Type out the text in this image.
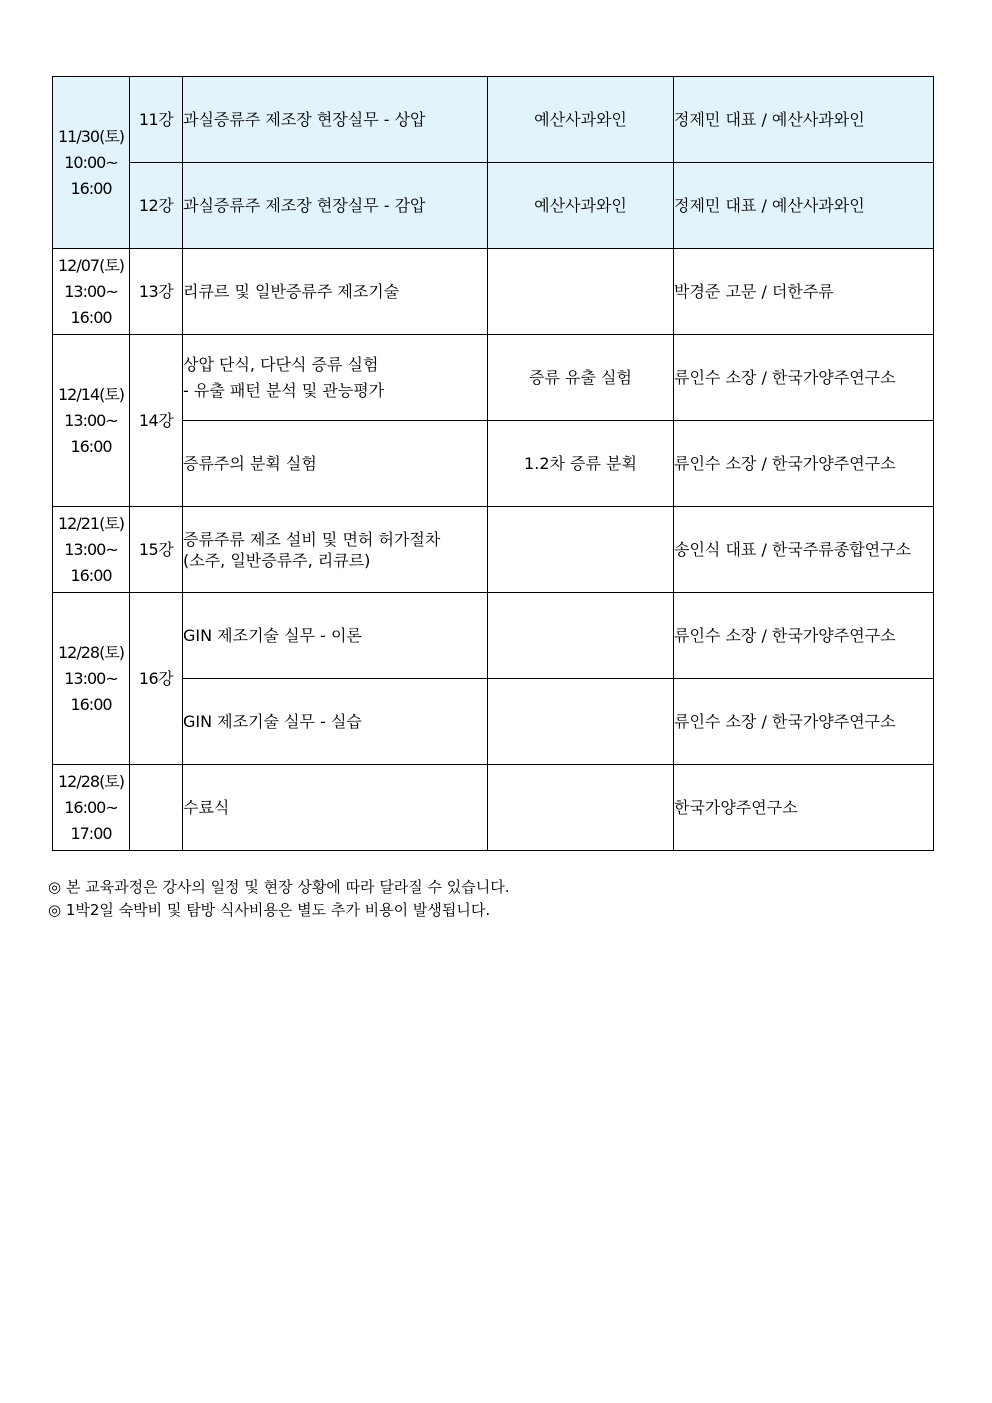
11/30(토)
10:00~
16:00	11강	과실증류주 제조장 현장실무 - 상압	예산사과와인	정제민 대표 / 예산사과와인
	12강	과실증류주 제조장 현장실무 - 감압	예산사과와인	정제민 대표 / 예산사과와인

12/07(토)
13:00~
16:00	13강	리큐르 및 일반증류주 제조기술		박경준 고문 / 더한주류

12/14(토)
13:00~
16:00	14강	상압 단식, 다단식 증류 실험
- 유출 패턴 분석 및 관능평가	증류 유출 실험	류인수 소장 / 한국가양주연구소

		증류주의 분획 실험	1.2차 증류 분획	류인수 소장 / 한국가양주연구소

12/21(토)
13:00~
16:00	15강	증류주류 제조 설비 및 면허 허가절차
(소주, 일반증류주, 리큐르)		송인식 대표 / 한국주류종합연구소

12/28(토)
13:00~
16:00	16강	GIN 제조기술 실무 - 이론		류인수 소장 / 한국가양주연구소

		GIN 제조기술 실무 - 실습		류인수 소장 / 한국가양주연구소

12/28(토)
16:00~
17:00		수료식		한국가양주연구소
◎ 본 교육과정은 강사의 일정 및 현장 상황에 따라 달라질 수 있습니다.
◎ 1박2일 숙박비 및 탐방 식사비용은 별도 추가 비용이 발생됩니다.
